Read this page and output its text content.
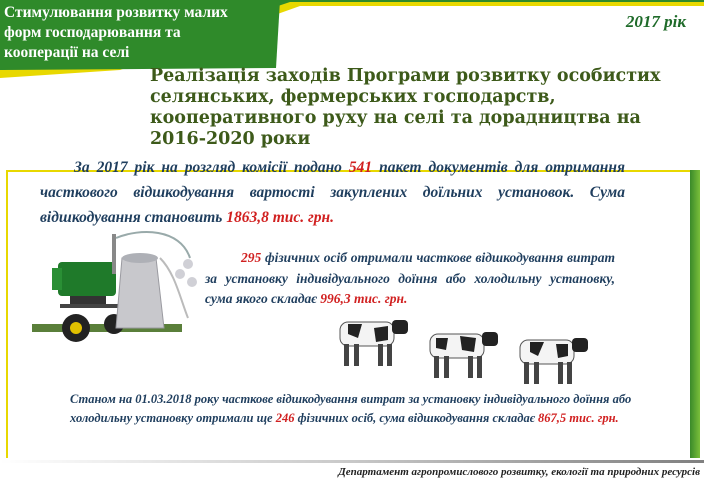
Стимулювання розвитку малих
форм господарювання та
кооперації на селі
2017 рік
Реалізація заходів Програми розвитку особистих селянських, фермерських господарств, кооперативного руху на селі та дорадництва на 2016-2020 роки
За 2017 рік на розгляд комісії подано 541 пакет документів для отримання часткового відшкодування вартості закуплених доїльних установок. Сума відшкодування становить 1863,8 тис. грн.
295 фізичних осіб отримали часткове відшкодування витрат за установку індивідуального доїння або холодильну установку, сума якого складає 996,3 тис. грн.
Станом на 01.03.2018 року часткове відшкодування витрат за установку індивідуального доїння або холодильну установку отримали ще 246 фізичних осіб, сума відшкодування складає 867,5 тис. грн.
Департамент агропромислового розвитку, екології та природних ресурсів
